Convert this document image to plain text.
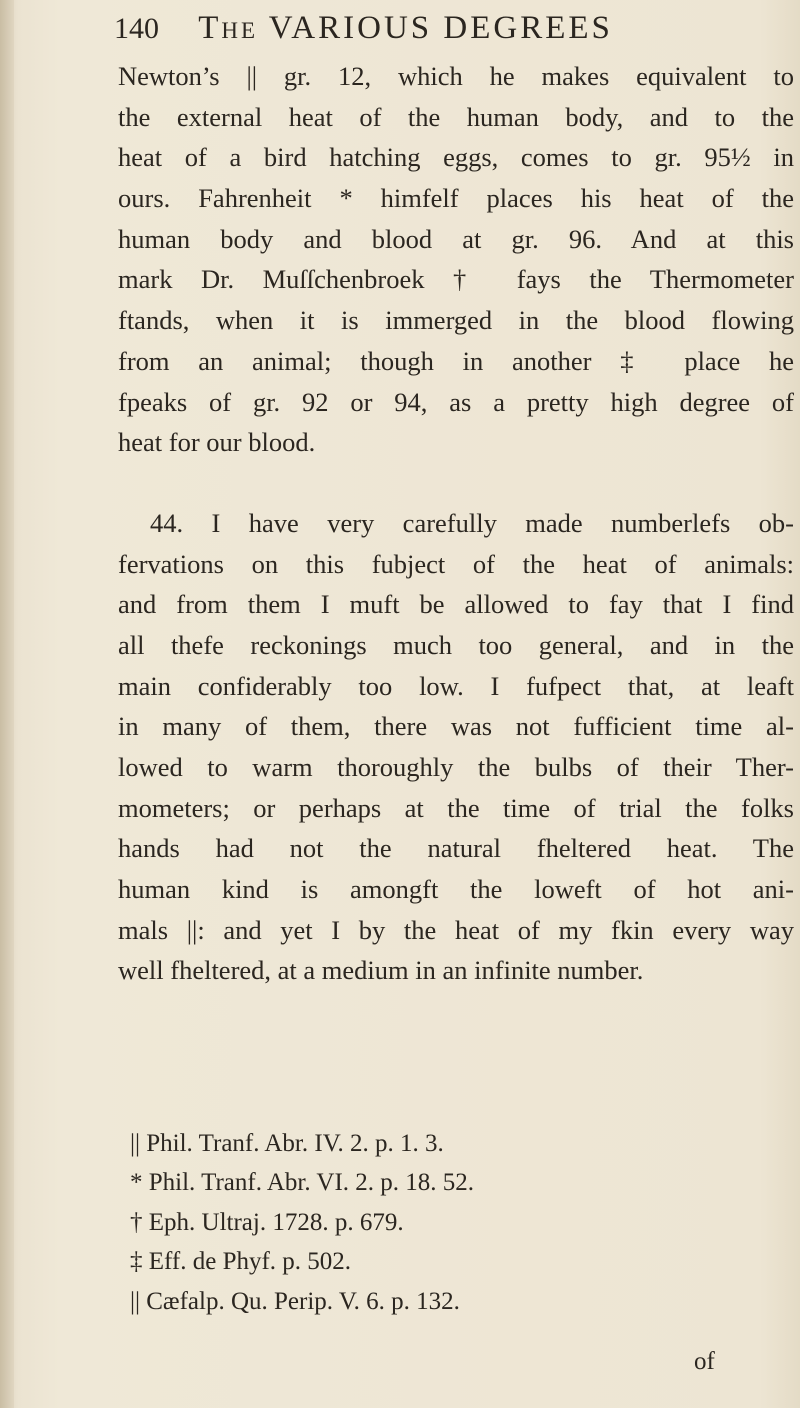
140 The VARIOUS DEGREES
Newton’s || gr. 12, which he makes equivalent to
the external heat of the human body, and to the
heat of a bird hatching eggs, comes to gr. 95½ in
ours. Fahrenheit * himfelf places his heat of the
human body and blood at gr. 96. And at this
mark Dr. Muſſchenbroek † fays the Thermometer
ftands, when it is immerged in the blood flowing
from an animal; though in another ‡ place he
fpeaks of gr. 92 or 94, as a pretty high degree of
heat for our blood.
44. I have very carefully made numberlefs ob-
fervations on this fubject of the heat of animals:
and from them I muft be allowed to fay that I find
all thefe reckonings much too general, and in the
main confiderably too low. I fufpect that, at leaft
in many of them, there was not fufficient time al-
lowed to warm thoroughly the bulbs of their Ther-
mometers; or perhaps at the time of trial the folks
hands had not the natural fheltered heat. The
human kind is amongft the loweft of hot ani-
mals ||: and yet I by the heat of my fkin every way
well fheltered, at a medium in an infinite number.
|| Phil. Tranf. Abr. IV. 2. p. 1. 3.
* Phil. Tranf. Abr. VI. 2. p. 18. 52.
† Eph. Ultraj. 1728. p. 679.
‡ Eff. de Phyf. p. 502.
|| Cæfalp. Qu. Perip. V. 6. p. 132.
of
